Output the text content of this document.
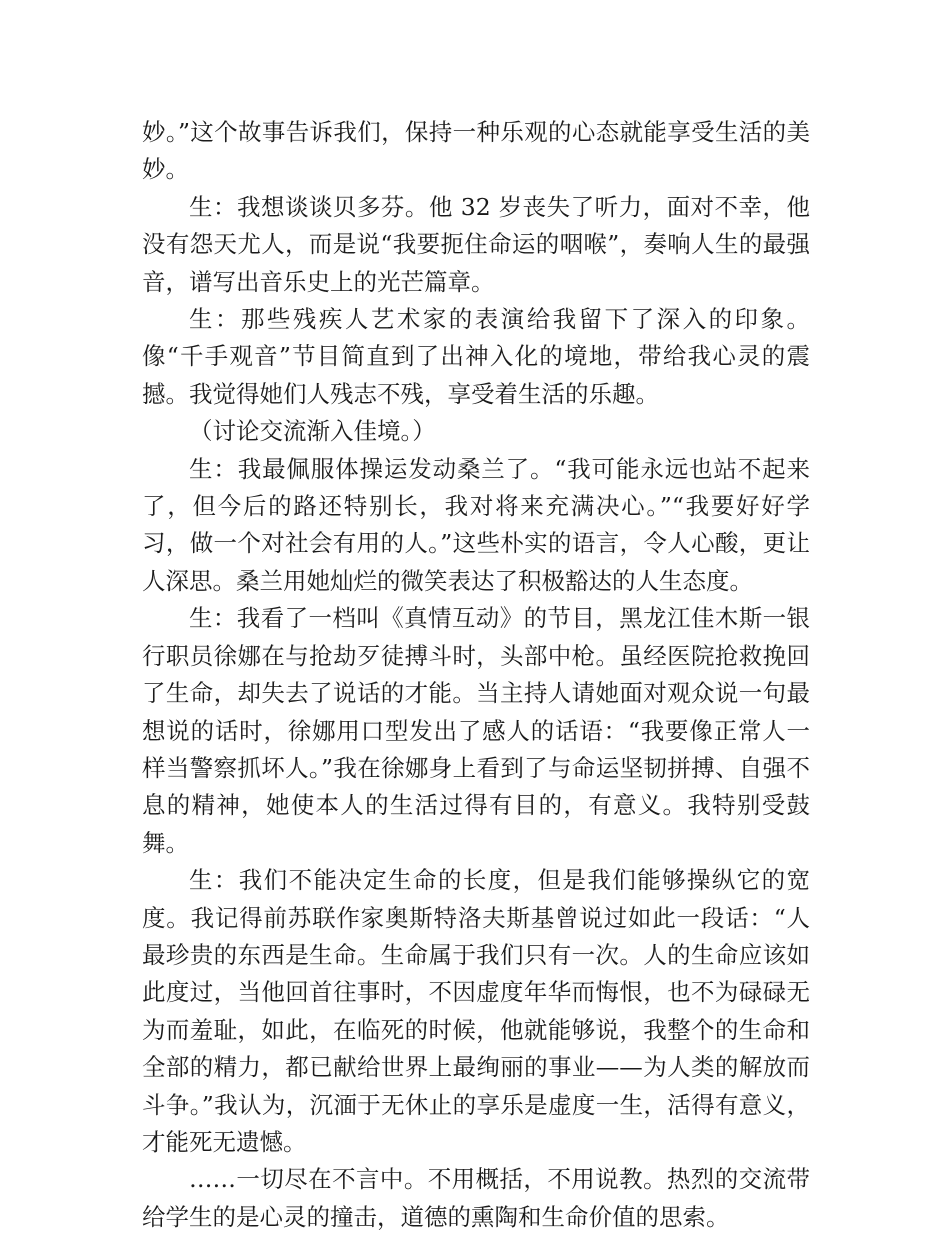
妙。”这个故事告诉我们，保持一种乐观的心态就能享受生活的美妙。

生：我想谈谈贝多芬。他 32 岁丧失了听力，面对不幸，他没有怨天尤人，而是说“我要扼住命运的咽喉”，奏响人生的最强音，谱写出音乐史上的光芒篇章。

生：那些残疾人艺术家的表演给我留下了深入的印象。像“千手观音”节目简直到了出神入化的境地，带给我心灵的震撼。我觉得她们人残志不残，享受着生活的乐趣。

（讨论交流渐入佳境。）

生：我最佩服体操运发动桑兰了。“我可能永远也站不起来了，但今后的路还特别长，我对将来充满决心。”“我要好好学习，做一个对社会有用的人。”这些朴实的语言，令人心酸，更让人深思。桑兰用她灿烂的微笑表达了积极豁达的人生态度。

生：我看了一档叫《真情互动》的节目，黑龙江佳木斯一银行职员徐娜在与抢劫歹徒搏斗时，头部中枪。虽经医院抢救挽回了生命，却失去了说话的才能。当主持人请她面对观众说一句最想说的话时，徐娜用口型发出了感人的话语：“我要像正常人一样当警察抓坏人。”我在徐娜身上看到了与命运坚韧拼搏、自强不息的精神，她使本人的生活过得有目的，有意义。我特别受鼓舞。

生：我们不能决定生命的长度，但是我们能够操纵它的宽度。我记得前苏联作家奥斯特洛夫斯基曾说过如此一段话：“人最珍贵的东西是生命。生命属于我们只有一次。人的生命应该如此度过，当他回首往事时，不因虚度年华而悔恨，也不为碌碌无为而羞耻，如此，在临死的时候，他就能够说，我整个的生命和全部的精力，都已献给世界上最绚丽的事业——为人类的解放而斗争。”我认为，沉湎于无休止的享乐是虚度一生，活得有意义，才能死无遗憾。

……一切尽在不言中。不用概括，不用说教。热烈的交流带给学生的是心灵的撞击，道德的熏陶和生命价值的思索。
